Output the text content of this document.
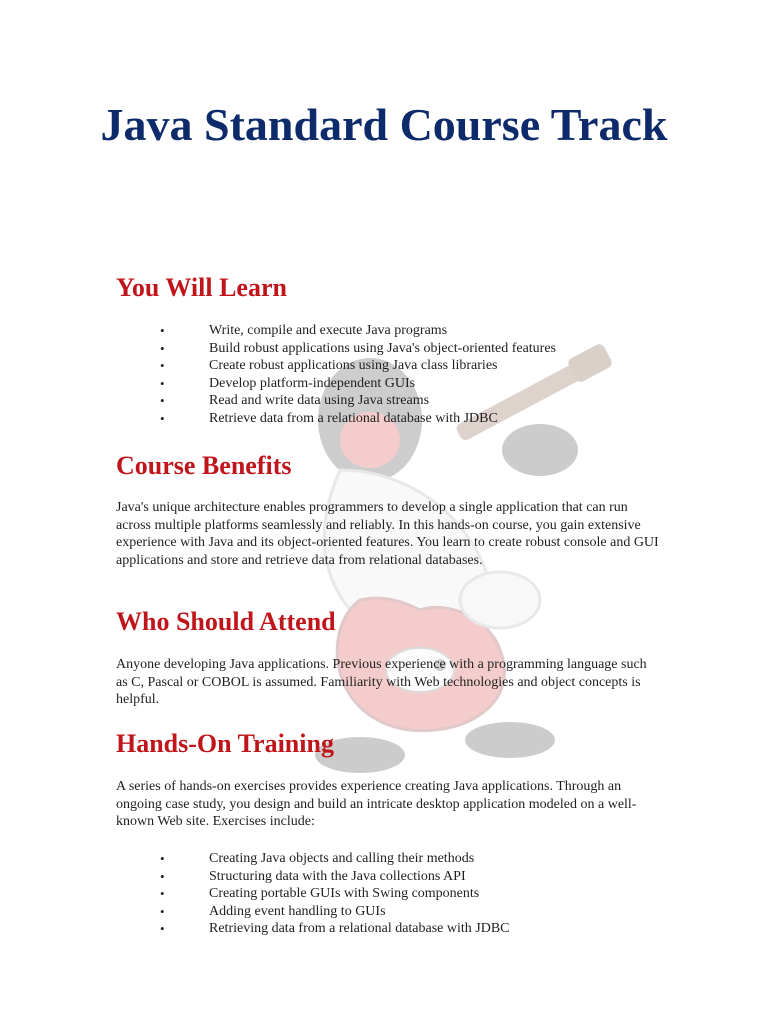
Java Standard Course Track
You Will Learn
•	Write, compile and execute Java programs
•	Build robust applications using Java's object-oriented features
•	Create robust applications using Java class libraries
•	Develop platform-independent GUIs
•	Read and write data using Java streams
•	Retrieve data from a relational database with JDBC
Course Benefits

Java's unique architecture enables programmers to develop a single application that can run across multiple platforms seamlessly and reliably. In this hands-on course, you gain extensive experience with Java and its object-oriented features. You learn to create robust console and GUI applications and store and retrieve data from relational databases.

Who Should Attend

Anyone developing Java applications. Previous experience with a programming language such as C, Pascal or COBOL is assumed. Familiarity with Web technologies and object concepts is helpful.

Hands-On Training

A series of hands-on exercises provides experience creating Java applications. Through an ongoing case study, you design and build an intricate desktop application modeled on a well-known Web site. Exercises include:

•	Creating Java objects and calling their methods
•	Structuring data with the Java collections API
•	Creating portable GUIs with Swing components
•	Adding event handling to GUIs
•	Retrieving data from a relational database with JDBC
